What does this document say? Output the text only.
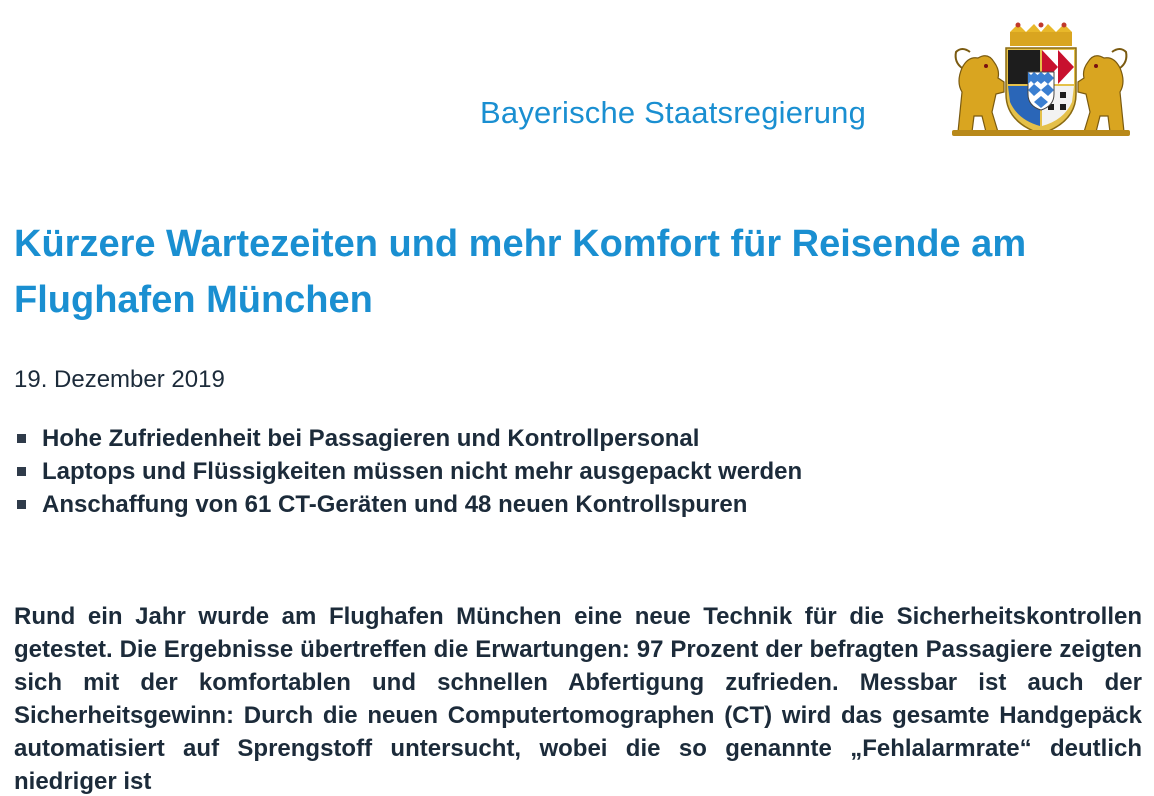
Bayerische Staatsregierung
Kürzere Wartezeiten und mehr Komfort für Reisende am Flughafen München
19. Dezember 2019
Hohe Zufriedenheit bei Passagieren und Kontrollpersonal
Laptops und Flüssigkeiten müssen nicht mehr ausgepackt werden
Anschaffung von 61 CT-Geräten und 48 neuen Kontrollspuren

Rund ein Jahr wurde am Flughafen München eine neue Technik für die Sicherheitskontrollen getestet. Die Ergebnisse übertreffen die Erwartungen: 97 Prozent der befragten Passagiere zeigten sich mit der komfortablen und schnellen Abfertigung zufrieden. Messbar ist auch der Sicherheitsgewinn: Durch die neuen Computertomographen (CT) wird das gesamte Handgepäck automatisiert auf Sprengstoff untersucht, wobei die so genannte „Fehlalarmrate“ deutlich niedriger ist
